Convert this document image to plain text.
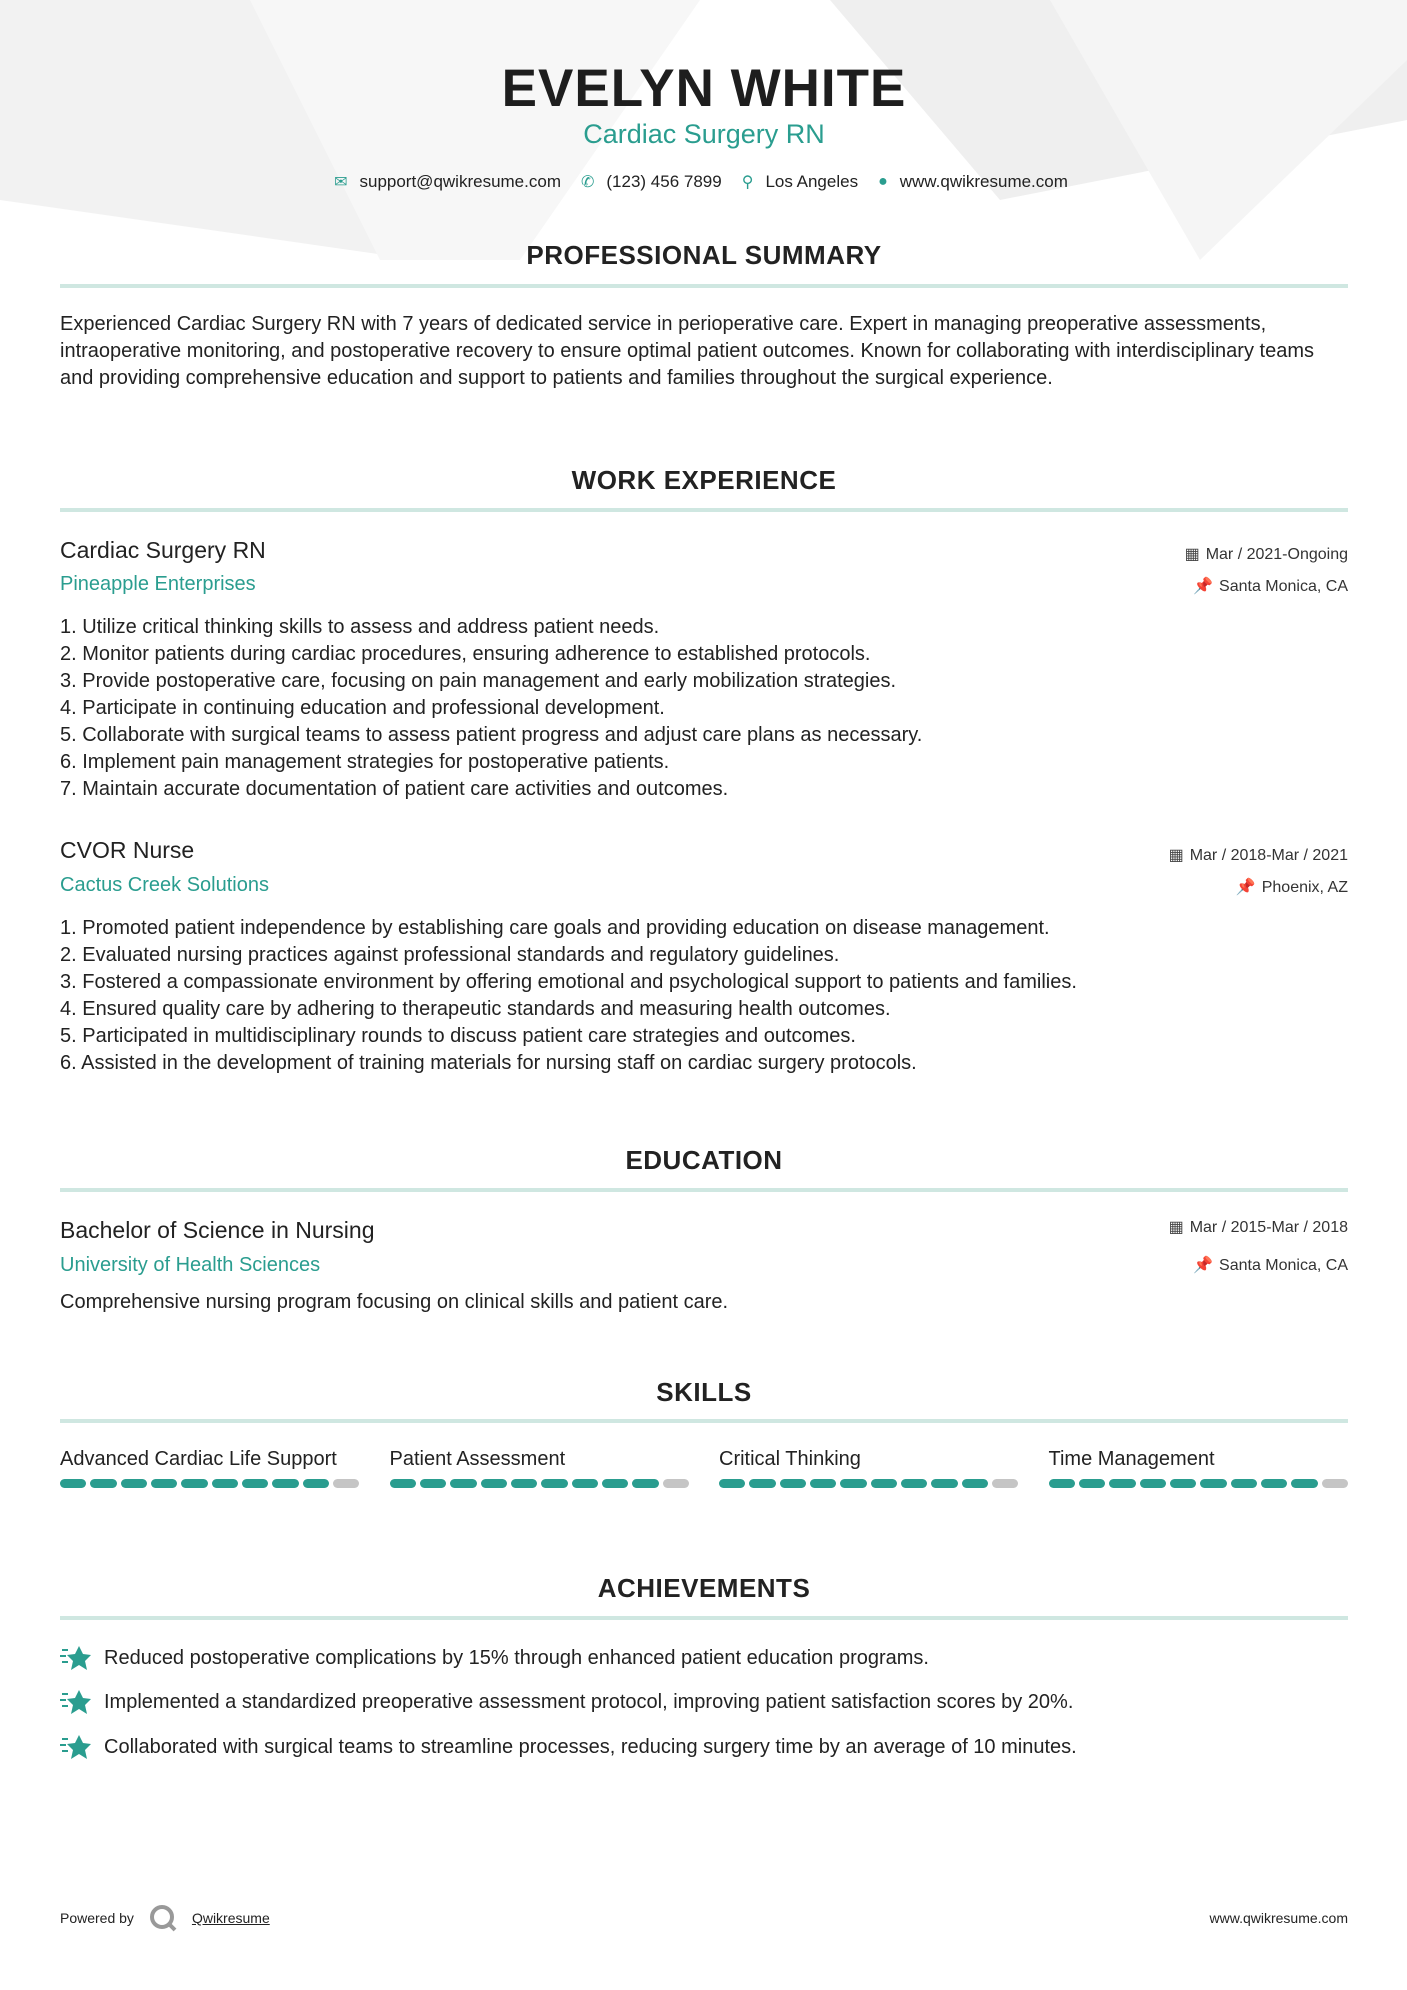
EVELYN WHITE
Cardiac Surgery RN
✉ support@qwikresume.com ✆ (123) 456 7899 ⚲ Los Angeles ● www.qwikresume.com
PROFESSIONAL SUMMARY
Experienced Cardiac Surgery RN with 7 years of dedicated service in perioperative care. Expert in managing preoperative assessments, intraoperative monitoring, and postoperative recovery to ensure optimal patient outcomes. Known for collaborating with interdisciplinary teams and providing comprehensive education and support to patients and families throughout the surgical experience.
WORK EXPERIENCE
Cardiac Surgery RN
Pineapple Enterprises
▦ Mar / 2021-Ongoing
📌 Santa Monica, CA
1. Utilize critical thinking skills to assess and address patient needs.
2. Monitor patients during cardiac procedures, ensuring adherence to established protocols.
3. Provide postoperative care, focusing on pain management and early mobilization strategies.
4. Participate in continuing education and professional development.
5. Collaborate with surgical teams to assess patient progress and adjust care plans as necessary.
6. Implement pain management strategies for postoperative patients.
7. Maintain accurate documentation of patient care activities and outcomes.
CVOR Nurse
Cactus Creek Solutions
▦ Mar / 2018-Mar / 2021
📌 Phoenix, AZ
1. Promoted patient independence by establishing care goals and providing education on disease management.
2. Evaluated nursing practices against professional standards and regulatory guidelines.
3. Fostered a compassionate environment by offering emotional and psychological support to patients and families.
4. Ensured quality care by adhering to therapeutic standards and measuring health outcomes.
5. Participated in multidisciplinary rounds to discuss patient care strategies and outcomes.
6. Assisted in the development of training materials for nursing staff on cardiac surgery protocols.
EDUCATION
Bachelor of Science in Nursing
University of Health Sciences
▦ Mar / 2015-Mar / 2018
📌 Santa Monica, CA
Comprehensive nursing program focusing on clinical skills and patient care.
SKILLS
Advanced Cardiac Life Support	Patient Assessment	Critical Thinking	Time Management
ACHIEVEMENTS
Reduced postoperative complications by 15% through enhanced patient education programs.
Implemented a standardized preoperative assessment protocol, improving patient satisfaction scores by 20%.
Collaborated with surgical teams to streamline processes, reducing surgery time by an average of 10 minutes.
Powered by	Qwikresume	www.qwikresume.com
